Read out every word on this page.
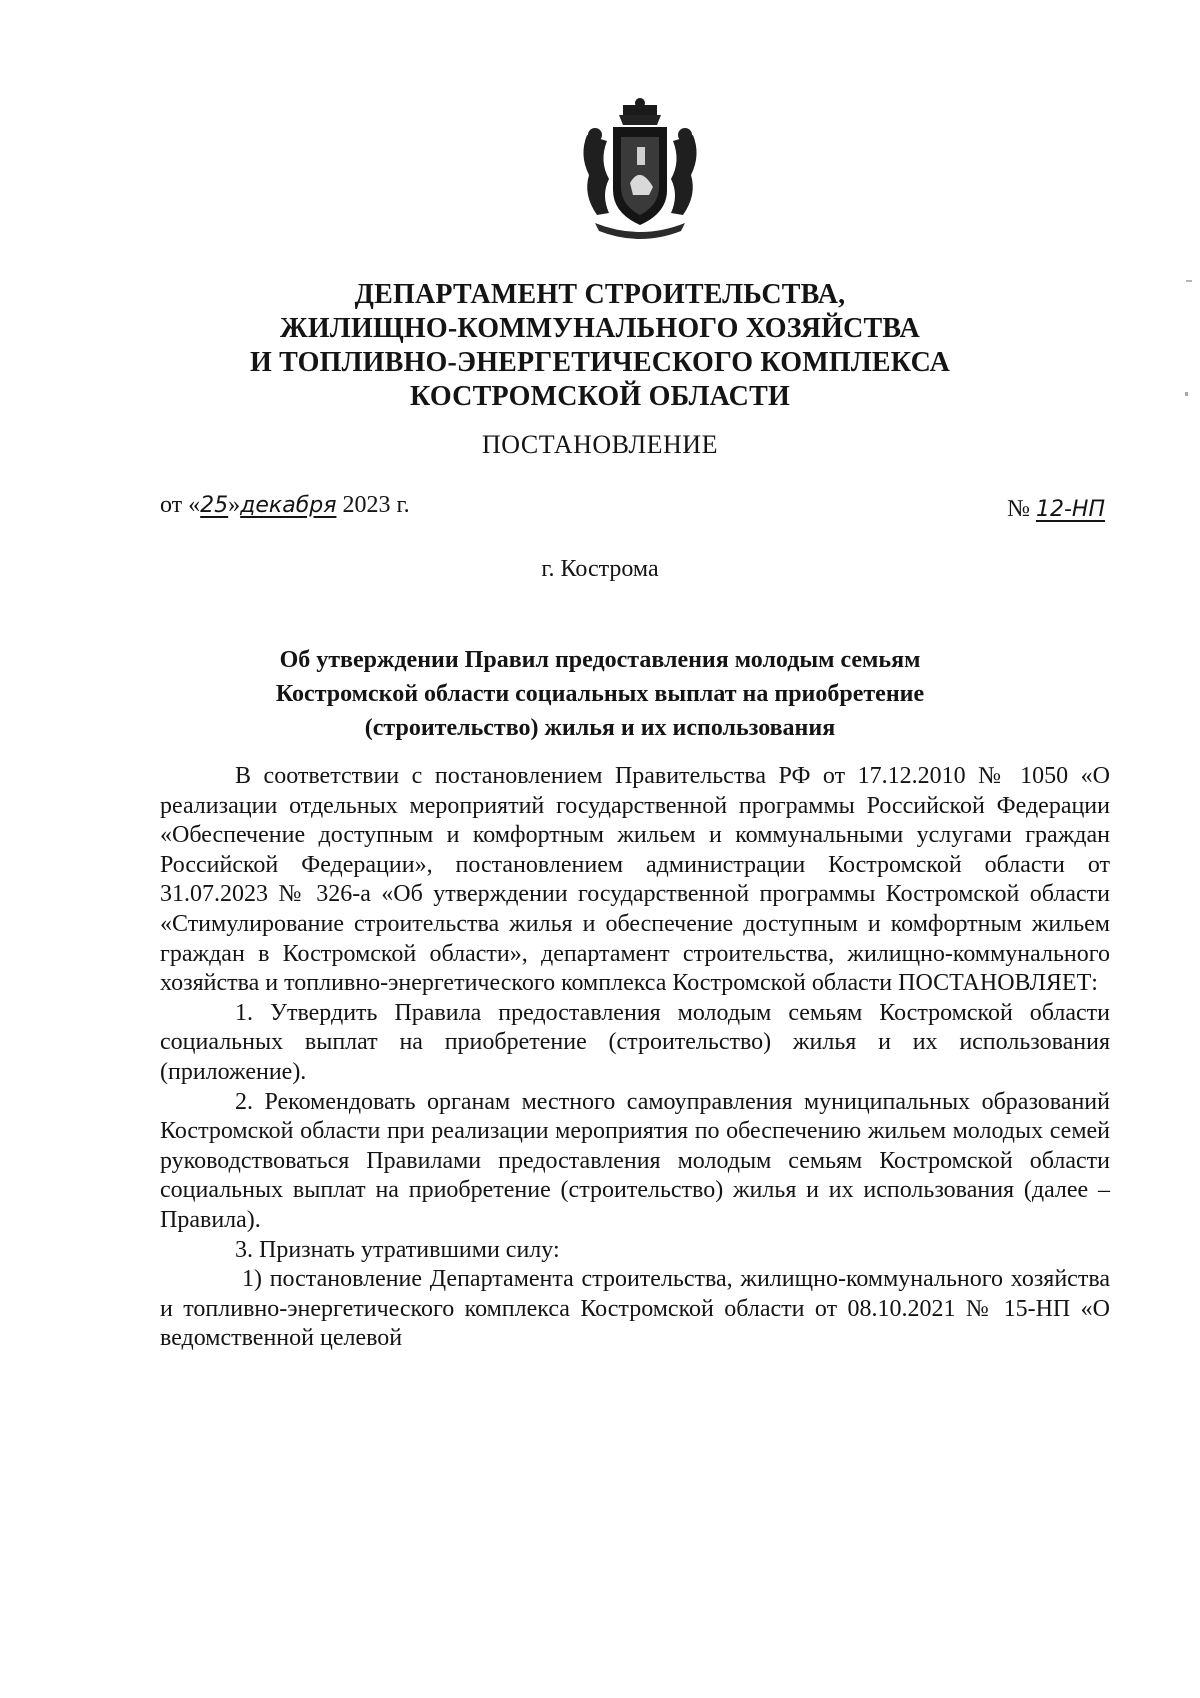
ДЕПАРТАМЕНТ СТРОИТЕЛЬСТВА,
ЖИЛИЩНО-КОММУНАЛЬНОГО ХОЗЯЙСТВА
И ТОПЛИВНО-ЭНЕРГЕТИЧЕСКОГО КОМПЛЕКСА
КОСТРОМСКОЙ ОБЛАСТИ
ПОСТАНОВЛЕНИЕ
от «25»декабря 2023 г.	№ 12-НП
г. Кострома
Об утверждении Правил предоставления молодым семьям
Костромской области социальных выплат на приобретение
(строительство) жилья и их использования

В соответствии с постановлением Правительства РФ от 17.12.2010 № 1050 «О реализации отдельных мероприятий государственной программы Российской Федерации «Обеспечение доступным и комфортным жильем и коммунальными услугами граждан Российской Федерации», постановлением администрации Костромской области от 31.07.2023 № 326-а «Об утверждении государственной программы Костромской области «Стимулирование строительства жилья и обеспечение доступным и комфортным жильем граждан в Костромской области», департамент строительства, жилищно-коммунального хозяйства и топливно-энергетического комплекса Костромской области ПОСТАНОВЛЯЕТ:

1. Утвердить Правила предоставления молодым семьям Костромской области социальных выплат на приобретение (строительство) жилья и их использования (приложение).

2. Рекомендовать органам местного самоуправления муниципальных образований Костромской области при реализации мероприятия по обеспечению жильем молодых семей руководствоваться Правилами предоставления молодым семьям Костромской области социальных выплат на приобретение (строительство) жилья и их использования (далее – Правила).

3. Признать утратившими силу:

1) постановление Департамента строительства, жилищно-коммунального хозяйства и топливно-энергетического комплекса Костромской области от 08.10.2021 № 15-НП «О ведомственной целевой
